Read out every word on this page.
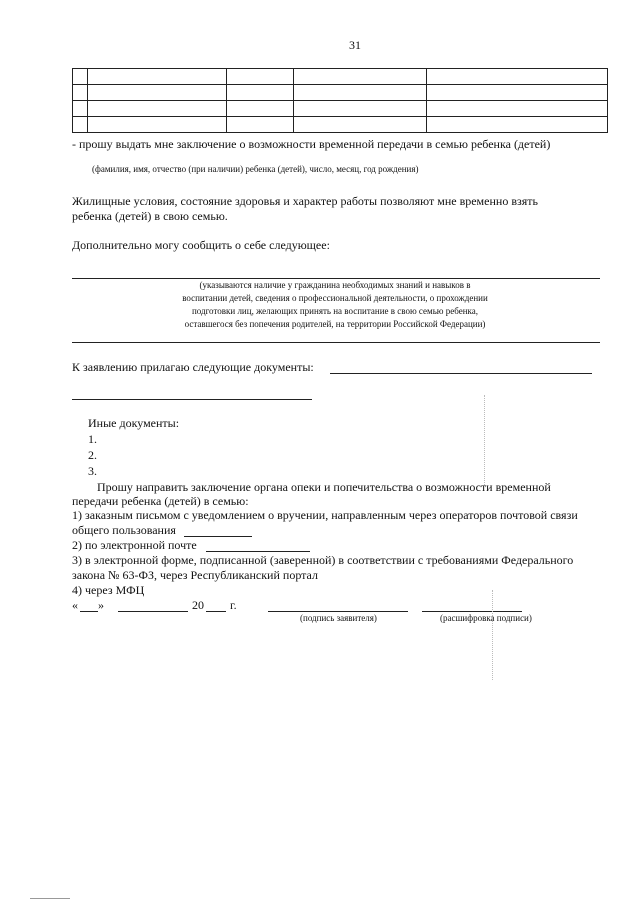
31

- прошу выдать мне заключение о возможности временной передачи в семью ребенка (детей)
(фамилия, имя, отчество (при наличии) ребенка (детей), число, месяц, год рождения)
Жилищные условия, состояние здоровья и характер работы позволяют мне временно взять
ребенка (детей) в свою семью.
Дополнительно могу сообщить о себе следующее:
(указываются наличие у гражданина необходимых знаний и навыков в
воспитании детей, сведения о профессиональной деятельности, о прохождении
подготовки лиц, желающих принять на воспитание в свою семью ребенка,
оставшегося без попечения родителей, на территории Российской Федерации)
К заявлению прилагаю следующие документы:
Иные документы:
1.
2.
3.
Прошу направить заключение органа опеки и попечительства о возможности временной
передачи ребенка (детей) в семью:
1) заказным письмом с уведомлением о вручении, направленным через операторов почтовой связи
общего пользования
2) по электронной почте
3) в электронной форме, подписанной (заверенной) в соответствии с требованиями Федерального
закона № 63-ФЗ, через Республиканский портал
4) через МФЦ
« »	20 г.
(подпись заявителя)	(расшифровка подписи)
